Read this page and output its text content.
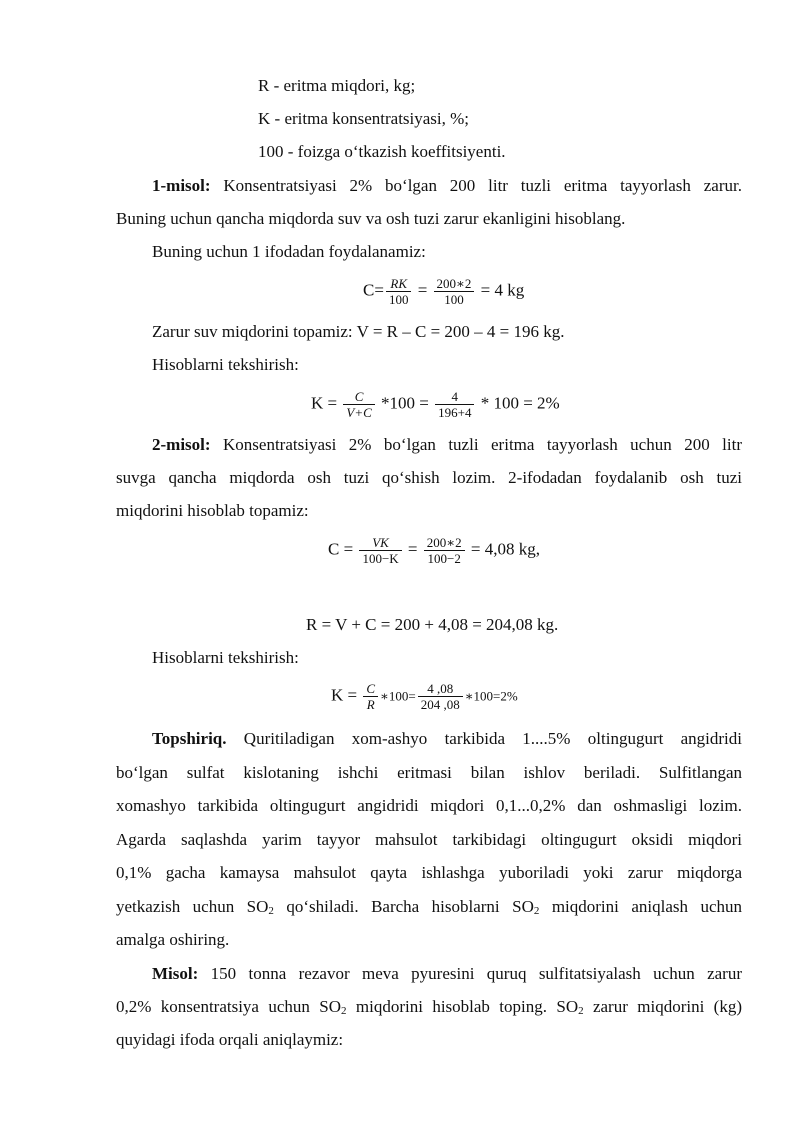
R - eritma miqdori, kg;
K - eritma konsentratsiyasi, %;
100 - foizga o‘tkazish koeffitsiyenti.
1-misol: Konsentratsiyasi 2% bo‘lgan 200 litr tuzli eritma tayyorlash zarur.
Buning uchun qancha miqdorda suv va osh tuzi zarur ekanligini hisoblang.
Buning uchun 1 ifodadan foydalanamiz:
$C= \frac{RK}{100} = \frac{200∗2}{100} = 4$ kg
Zarur suv miqdorini topamiz: V = R – C = 200 – 4 = 196 kg.
Hisoblarni tekshirish:
$K = \frac{C}{V+C} *100 = \frac{4}{196+4} * 100 = 2\%$
2-misol: Konsentratsiyasi 2% bo‘lgan tuzli eritma tayyorlash uchun 200 litr
suvga qancha miqdorda osh tuzi qo‘shish lozim. 2-ifodadan foydalanib osh tuzi
miqdorini hisoblab topamiz:
$C = \frac{VK}{100-K} = \frac{200∗2}{100-2} = 4,08$ kg,
R = V + C = 200 + 4,08 = 204,08 kg.
Hisoblarni tekshirish:
$K = \frac{C}{R}$ ∗100= $\frac{4 ,08}{204 ,08}$ ∗100=2%
Topshiriq. Quritiladigan xom-ashyo tarkibida 1....5% oltingugurt angidridi
bo‘lgan sulfat kislotaning ishchi eritmasi bilan ishlov beriladi. Sulfitlangan
xomashyo tarkibida oltingugurt angidridi miqdori 0,1...0,2% dan oshmasligi lozim.
Agarda saqlashda yarim tayyor mahsulot tarkibidagi oltingugurt oksidi miqdori
0,1% gacha kamaysa mahsulot qayta ishlashga yuboriladi yoki zarur miqdorga
yetkazish uchun $SO_2$ qo‘shiladi. Barcha hisoblarni $SO_2$ miqdorini aniqlash uchun
amalga oshiring.
Misol: 150 tonna rezavor meva pyuresini quruq sulfitatsiyalash uchun zarur
0,2% konsentratsiya uchun $SO_2$ miqdorini hisoblab toping. $SO_2$ zarur miqdorini (kg)
quyidagi ifoda orqali aniqlaymiz:
